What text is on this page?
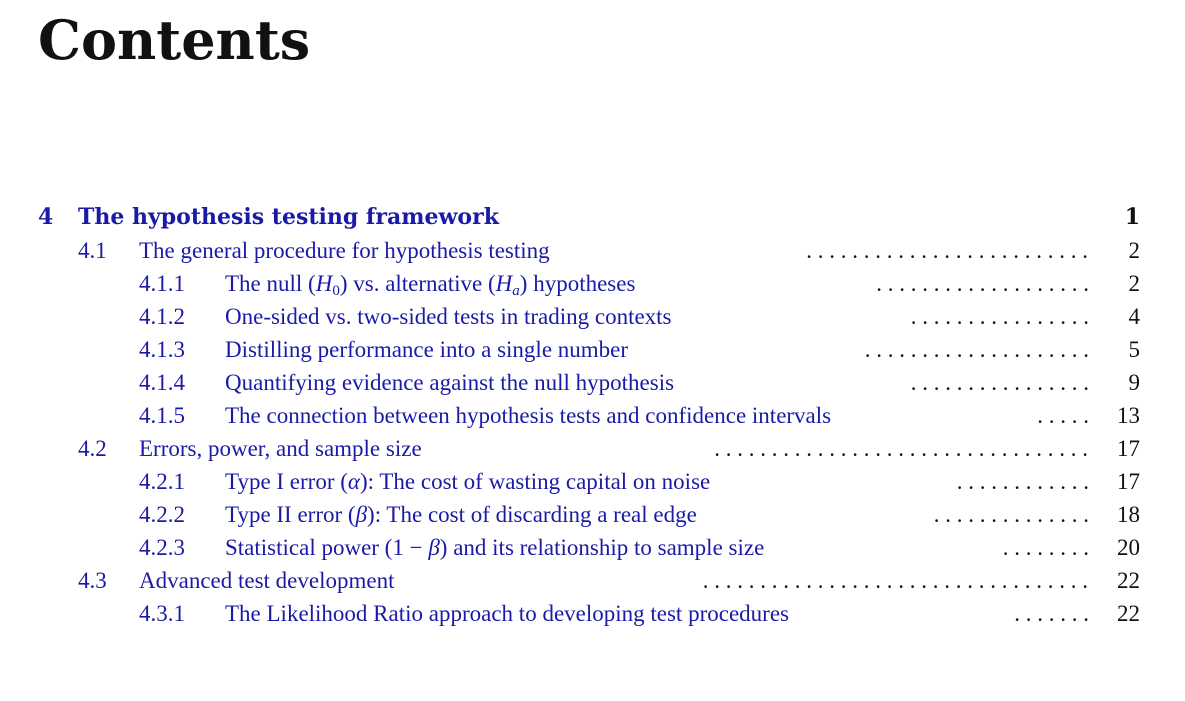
Contents
4 The hypothesis testing framework	1
4.1 The general procedure for hypothesis testing	. . . . . . . . . . . . . . . . . . . . . . . . . 2
4.1.1 The null $(H_0)$ vs. alternative $(H_a)$ hypotheses	. . . . . . . . . . . . . . . . . . . 2
4.1.2 One-sided vs. two-sided tests in trading contexts	. . . . . . . . . . . . . . . . 4
4.1.3 Distilling performance into a single number	. . . . . . . . . . . . . . . . . . . . 5
4.1.4 Quantifying evidence against the null hypothesis	. . . . . . . . . . . . . . . . 9
4.1.5 The connection between hypothesis tests and confidence intervals	. . . . . 13
4.2 Errors, power, and sample size	. . . . . . . . . . . . . . . . . . . . . . . . . . . . . . . . . 17
4.2.1 Type I error (α): The cost of wasting capital on noise	. . . . . . . . . . . . 17
4.2.2 Type II error (β): The cost of discarding a real edge	. . . . . . . . . . . . . . 18
4.2.3 Statistical power (1 − β) and its relationship to sample size	. . . . . . . . 20
4.3 Advanced test development	. . . . . . . . . . . . . . . . . . . . . . . . . . . . . . . . . . 22
4.3.1 The Likelihood Ratio approach to developing test procedures	. . . . . . . 22
